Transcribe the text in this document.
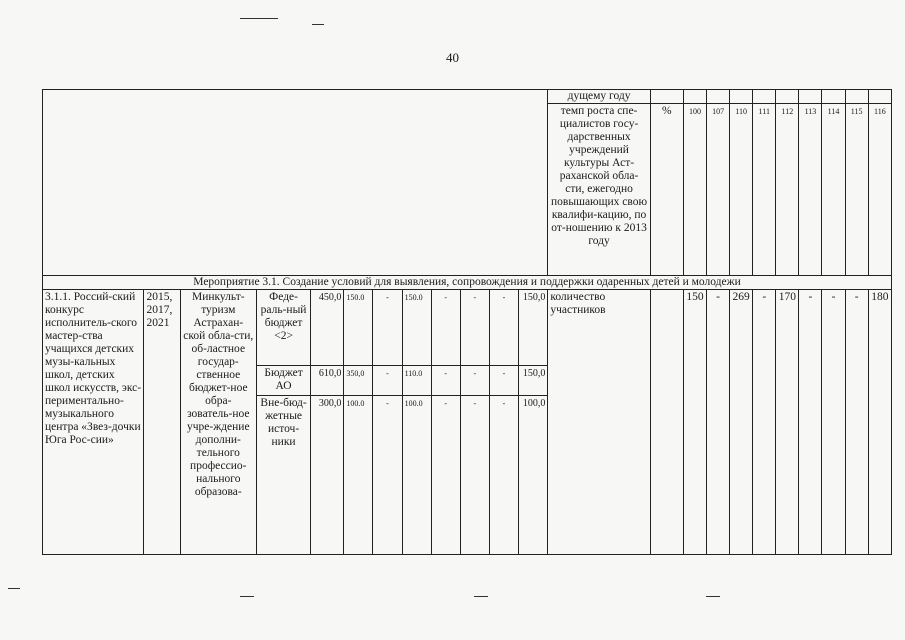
40
												дущему году										
												темп роста спе-циалистов госу-дарственных учреждений культуры Аст-раханской обла-сти, ежегодно повышающих свою квалифи-кацию, по от-ношению к 2013 году	%	100	107	110	111	112	113	114	115	116
Мероприятие 3.1. Создание условий для выявления, сопровождения и поддержки одаренных детей и молодежи																						
3.1.1. Россий-ский конкурс исполнитель-ского мастер-ства учащихся детских музы-кальных школ, детских школ искусств, экс-периментально-музыкального центра «Звез-дочки Юга Рос-сии»	2015, 2017, 2021	Минкульт-туризм Астрахан-ской обла-сти, об-ластное государ-ственное бюджет-ное обра-зователь-ное учре-ждение дополни-тельного профессио-нального образова-	Феде-раль-ный бюджет <2>	450,0	150.0	-	150.0	-	-	-	150,0	количество участников		150	-	269	-	170	-	-	-	180
			Бюджет АО	610,0	350,0	-	110.0	-	-	-	150,0											
			Вне-бюд-жетные источ-ники	300,0	100.0	-	100.0	-	-	-	100,0											
